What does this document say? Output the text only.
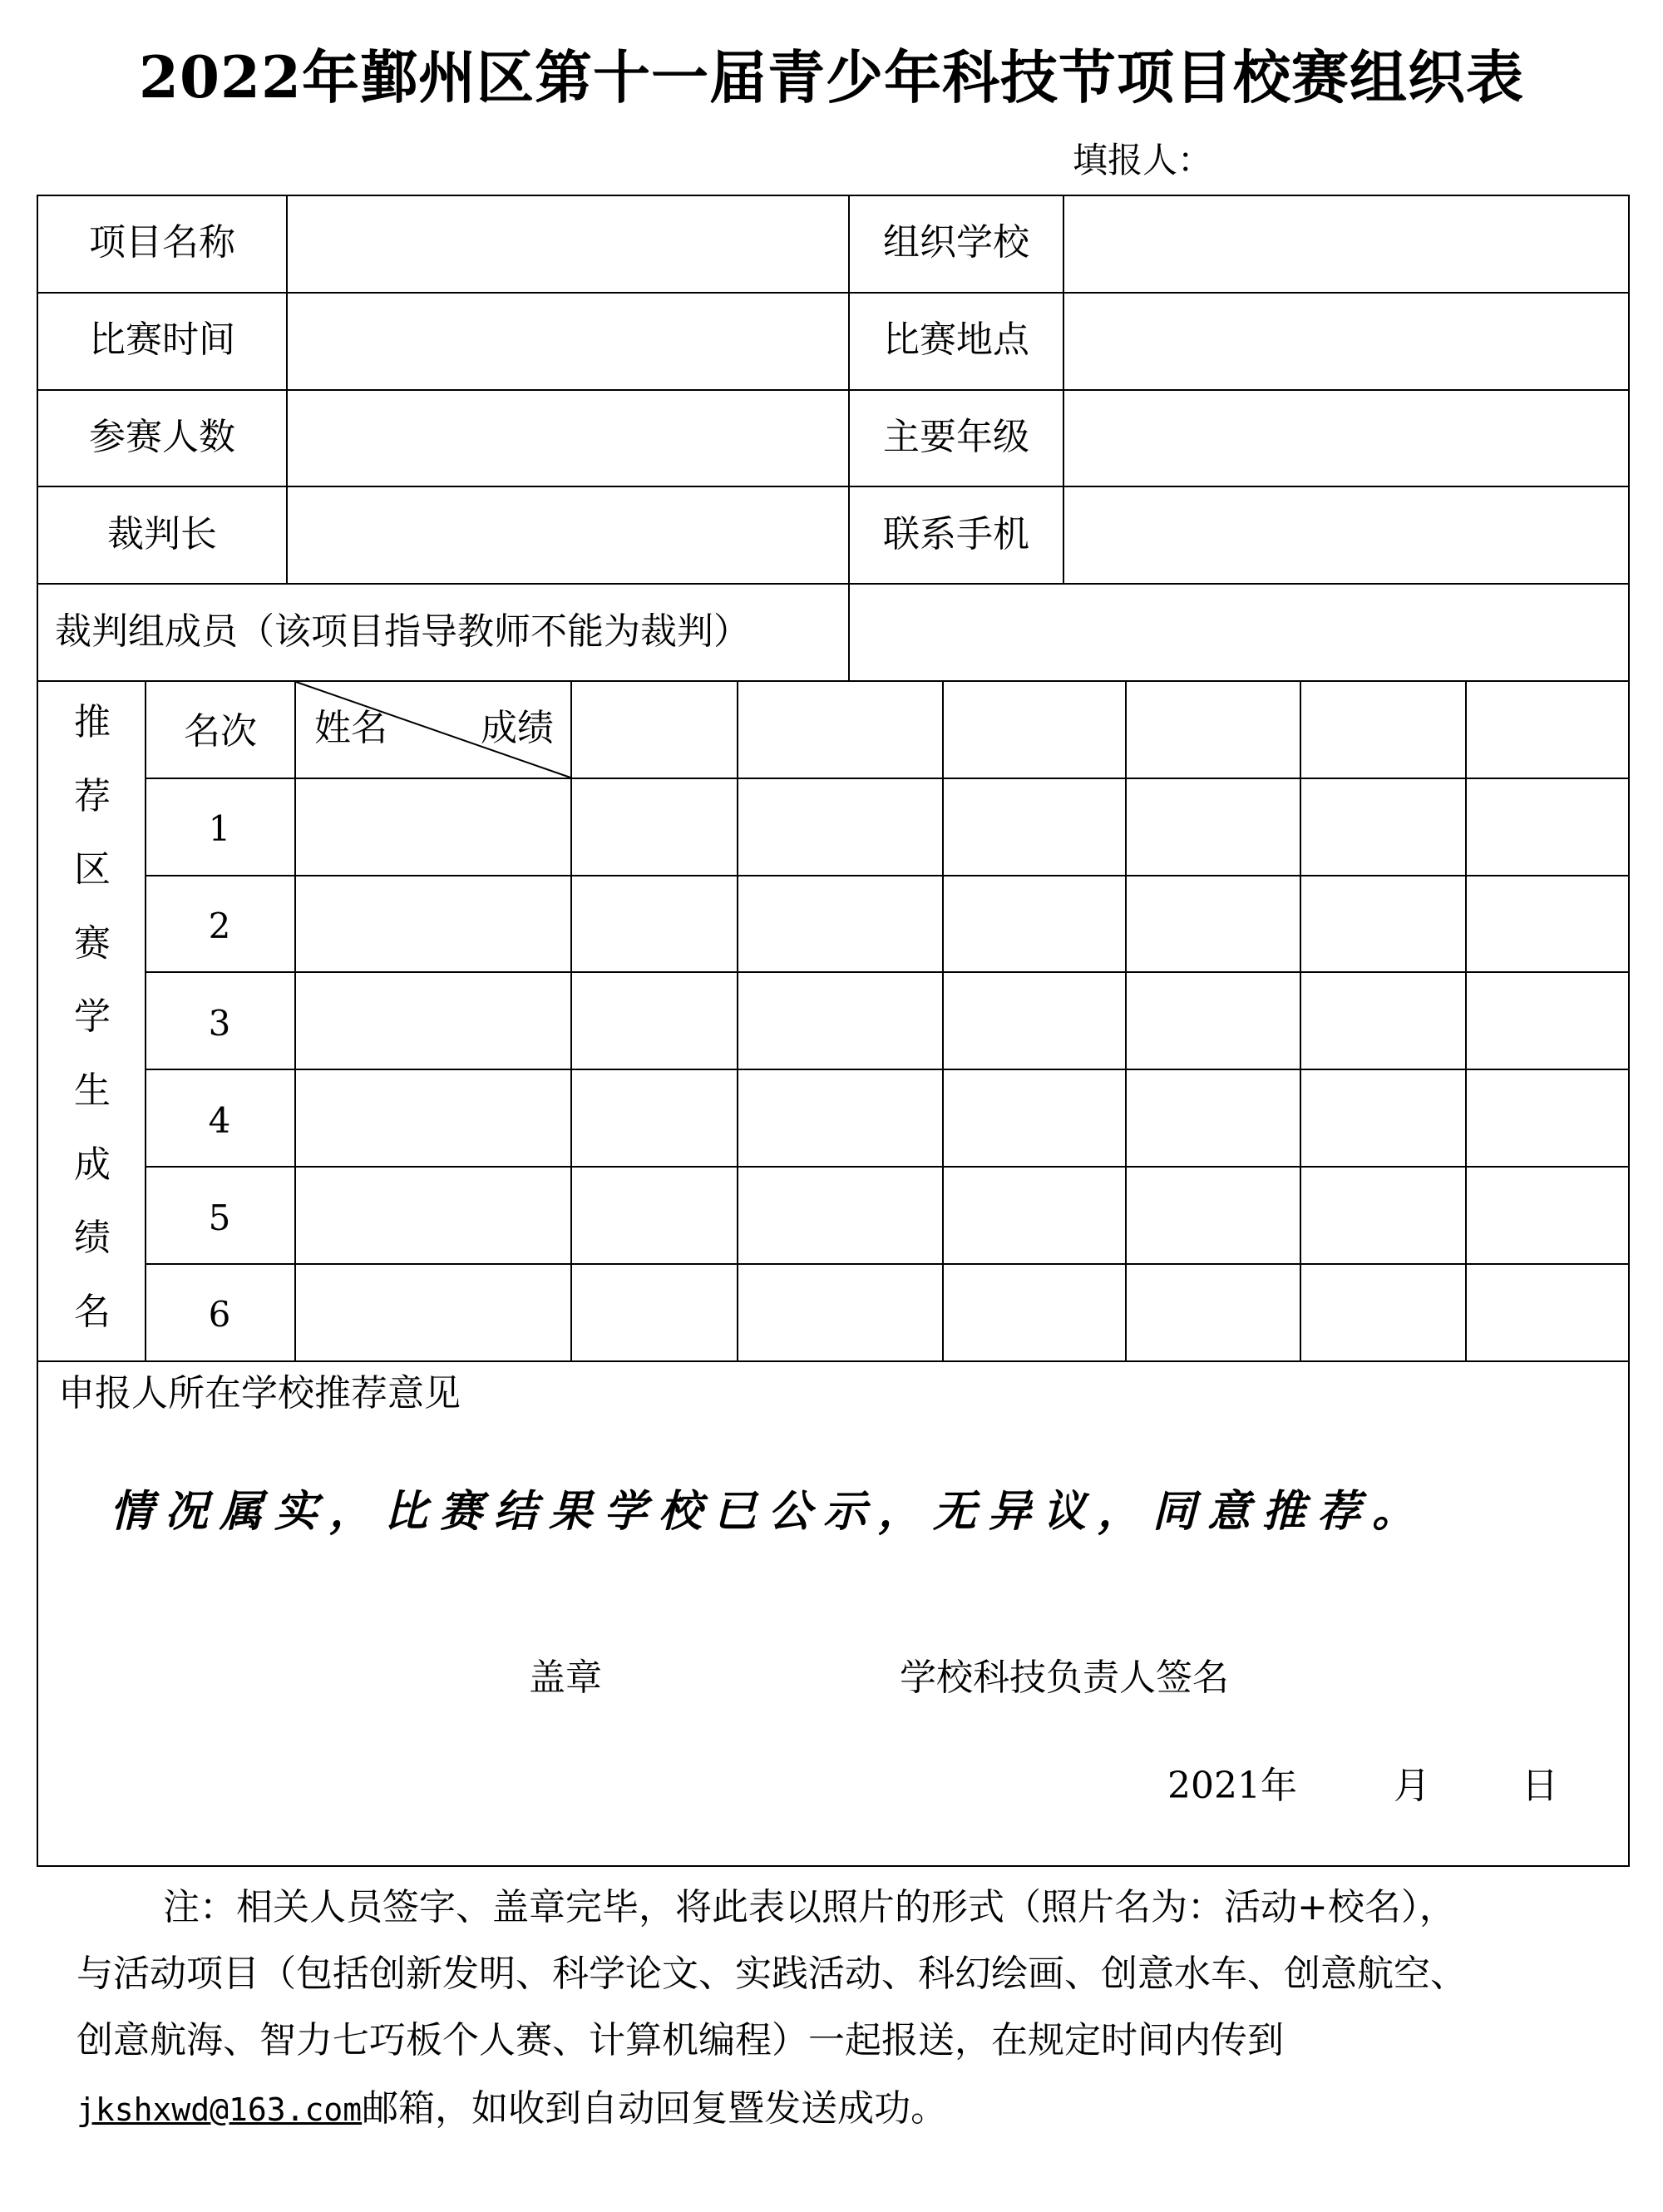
2022年鄞州区第十一届青少年科技节项目校赛组织表
填报人：
项目名称	组织学校
比赛时间	比赛地点
参赛人数	主要年级
裁判长	联系手机
裁判组成员（该项目指导教师不能为裁判）
推
荐
区
赛
学
生
成
绩
名
名次	姓名	成绩
1
2
3
4
5
6
申报人所在学校推荐意见
情况属实，比赛结果学校已公示，无异议，同意推荐。
盖章	学校科技负责人签名
2021年	月	日
注：相关人员签字、盖章完毕，将此表以照片的形式（照片名为：活动+校名），
与活动项目（包括创新发明、科学论文、实践活动、科幻绘画、创意水车、创意航空、
创意航海、智力七巧板个人赛、计算机编程）一起报送，在规定时间内传到
jkshxwd@163.com邮箱，如收到自动回复暨发送成功。
